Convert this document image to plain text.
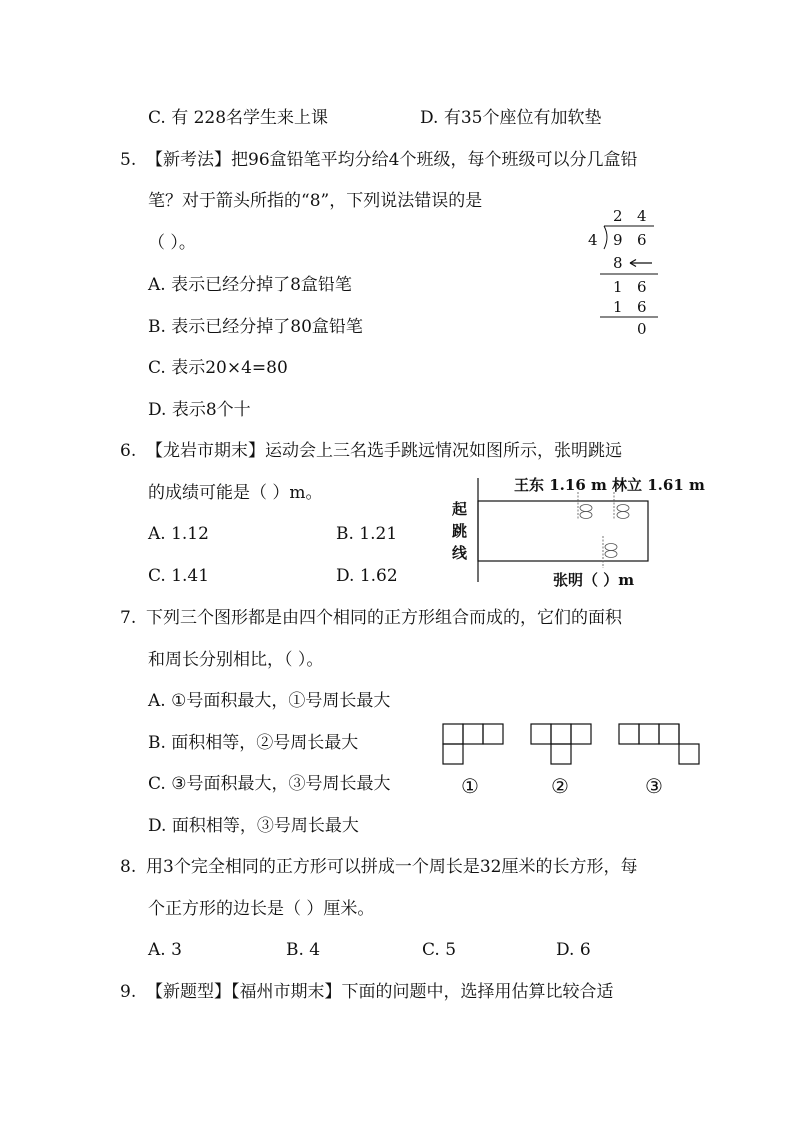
C. 有 228名学生来上课	D. 有35个座位有加软垫
5. 【新考法】把96盒铅笔平均分给4个班级，每个班级可以分几盒铅
笔？对于箭头所指的“8”，下列说法错误的是
（ ）。
A. 表示已经分掉了8盒铅笔
B. 表示已经分掉了80盒铅笔
C. 表示20×4=80
D. 表示8个十
2 4
4 9 6
8
1 6
1 6
0
6. 【龙岩市期末】运动会上三名选手跳远情况如图所示，张明跳远
的成绩可能是（ ）m。
A. 1.12	B. 1.21
C. 1.41	D. 1.62
起
跳
线
王东 1.16 m 林立 1.61 m
张明（ ）m
7. 下列三个图形都是由四个相同的正方形组合而成的，它们的面积
和周长分别相比，（ ）。
A. ①号面积最大，①号周长最大
B. 面积相等，②号周长最大
C. ③号面积最大，③号周长最大
D. 面积相等，③号周长最大
①	②	③
8. 用3个完全相同的正方形可以拼成一个周长是32厘米的长方形，每
个正方形的边长是（ ）厘米。
A. 3	B. 4	C. 5	D. 6
9. 【新题型】【福州市期末】下面的问题中，选择用估算比较合适
